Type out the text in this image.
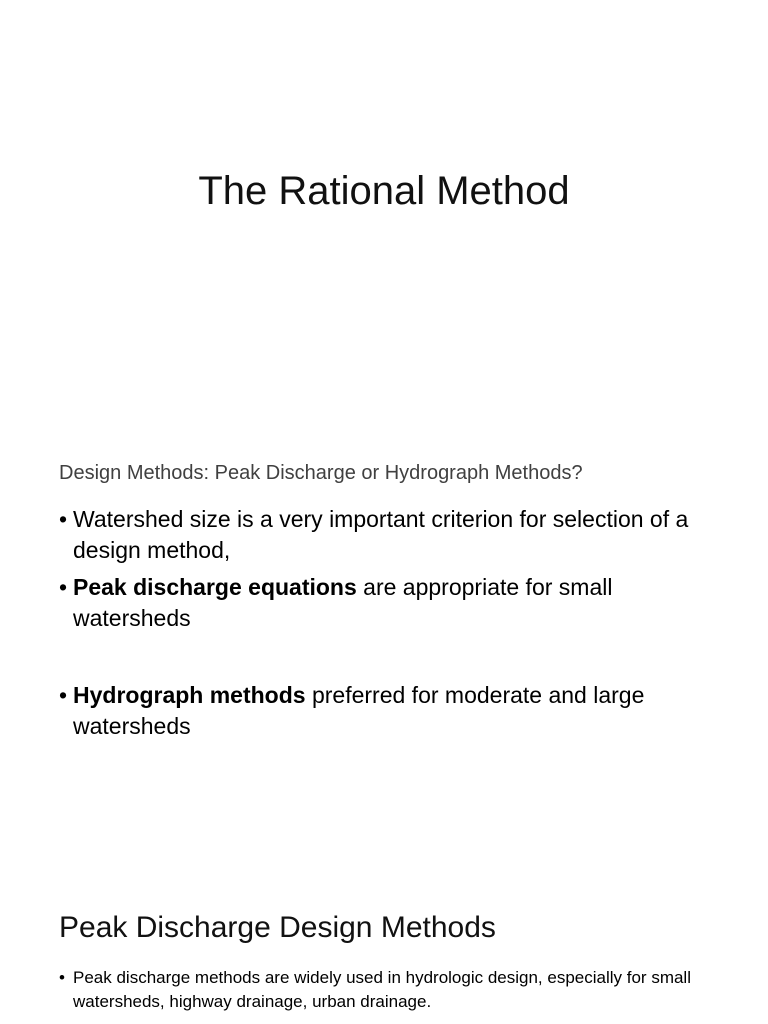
The Rational Method
Design Methods: Peak Discharge or Hydrograph Methods?
• Watershed size is a very important criterion for selection of a design method,
• Peak discharge equations are appropriate for small watersheds
• Hydrograph methods preferred for moderate and large watersheds
Peak Discharge Design Methods
• Peak discharge methods are widely used in hydrologic design, especially for small watersheds, highway drainage, urban drainage.
